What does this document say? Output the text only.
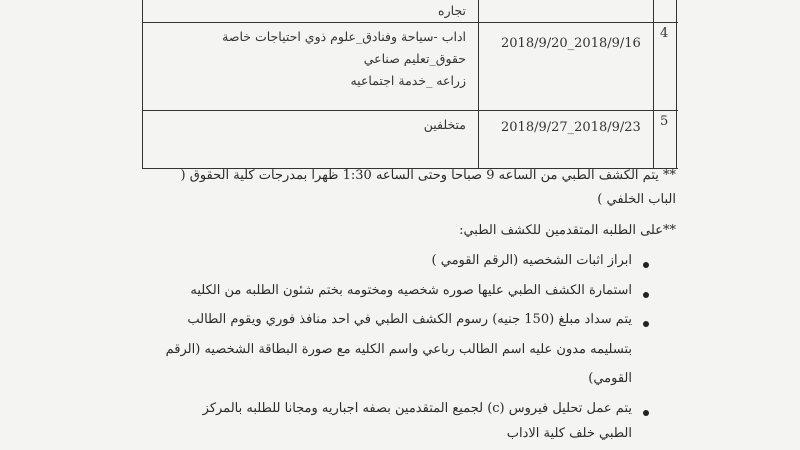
تجاره
4
2018/9/20_2018/9/16
اداب -سياحة وفنادق_علوم ذوي احتياجات خاصة
حقوق_تعليم صناعي
زراعه _خدمة اجتماعيه
5
2018/9/27_2018/9/23
متخلفين
** يتم الكشف الطبي من الساعه 9 صباحا وحتى الساعه 1:30 ظهرا بمدرجات كلية الحقوق (
الباب الخلفي )
**على الطلبه المتقدمين للكشف الطبي:
ابراز اثبات الشخصيه (الرقم القومي )
استمارة الكشف الطبي عليها صوره شخصيه ومختومه بختم شئون الطلبه من الكليه
يتم سداد مبلغ (150 جنيه) رسوم الكشف الطبي في احد منافذ فوري ويقوم الطالب
بتسليمه مدون عليه اسم الطالب رباعي واسم الكليه مع صورة البطاقة الشخصيه (الرقم
القومي)
يتم عمل تحليل فيروس (c) لجميع المتقدمين بصفه اجباريه ومجانا للطلبه بالمركز
الطبي خلف كلية الاداب
